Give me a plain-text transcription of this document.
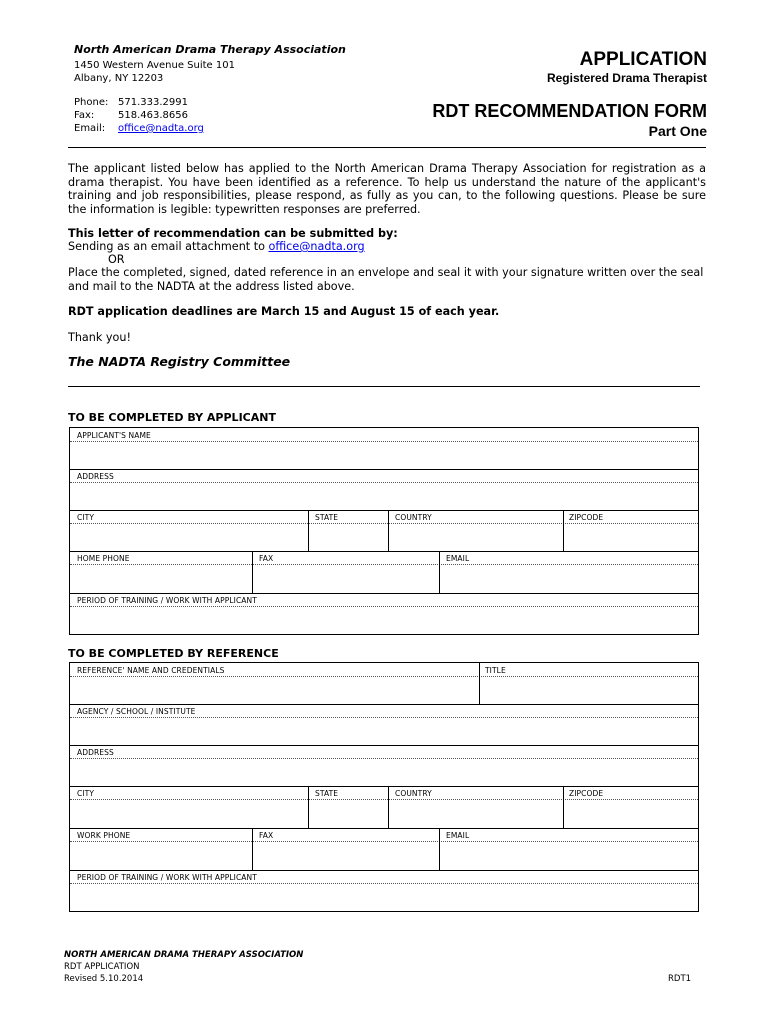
North American Drama Therapy Association
1450 Western Avenue Suite 101
Albany, NY 12203
Phone: 571.333.2991
Fax: 518.463.8656
Email: office@nadta.org
APPLICATION
Registered Drama Therapist
RDT RECOMMENDATION FORM
Part One
The applicant listed below has applied to the North American Drama Therapy Association for registration as a drama therapist. You have been identified as a reference. To help us understand the nature of the applicant's training and job responsibilities, please respond, as fully as you can, to the following questions. Please be sure the information is legible: typewritten responses are preferred.
This letter of recommendation can be submitted by:
Sending as an email attachment to office@nadta.org
OR
Place the completed, signed, dated reference in an envelope and seal it with your signature written over the seal and mail to the NADTA at the address listed above.
RDT application deadlines are March 15 and August 15 of each year.
Thank you!
The NADTA Registry Committee
TO BE COMPLETED BY APPLICANT
APPLICANT'S NAME
ADDRESS
CITY	STATE	COUNTRY	ZIPCODE
HOME PHONE	FAX	EMAIL
PERIOD OF TRAINING / WORK WITH APPLICANT
TO BE COMPLETED BY REFERENCE
REFERENCE' NAME AND CREDENTIALS	TITLE
AGENCY / SCHOOL / INSTITUTE
ADDRESS
CITY	STATE	COUNTRY	ZIPCODE
WORK PHONE	FAX	EMAIL
PERIOD OF TRAINING / WORK WITH APPLICANT
NORTH AMERICAN DRAMA THERAPY ASSOCIATION
RDT APPLICATION
Revised 5.10.2014	RDT1
